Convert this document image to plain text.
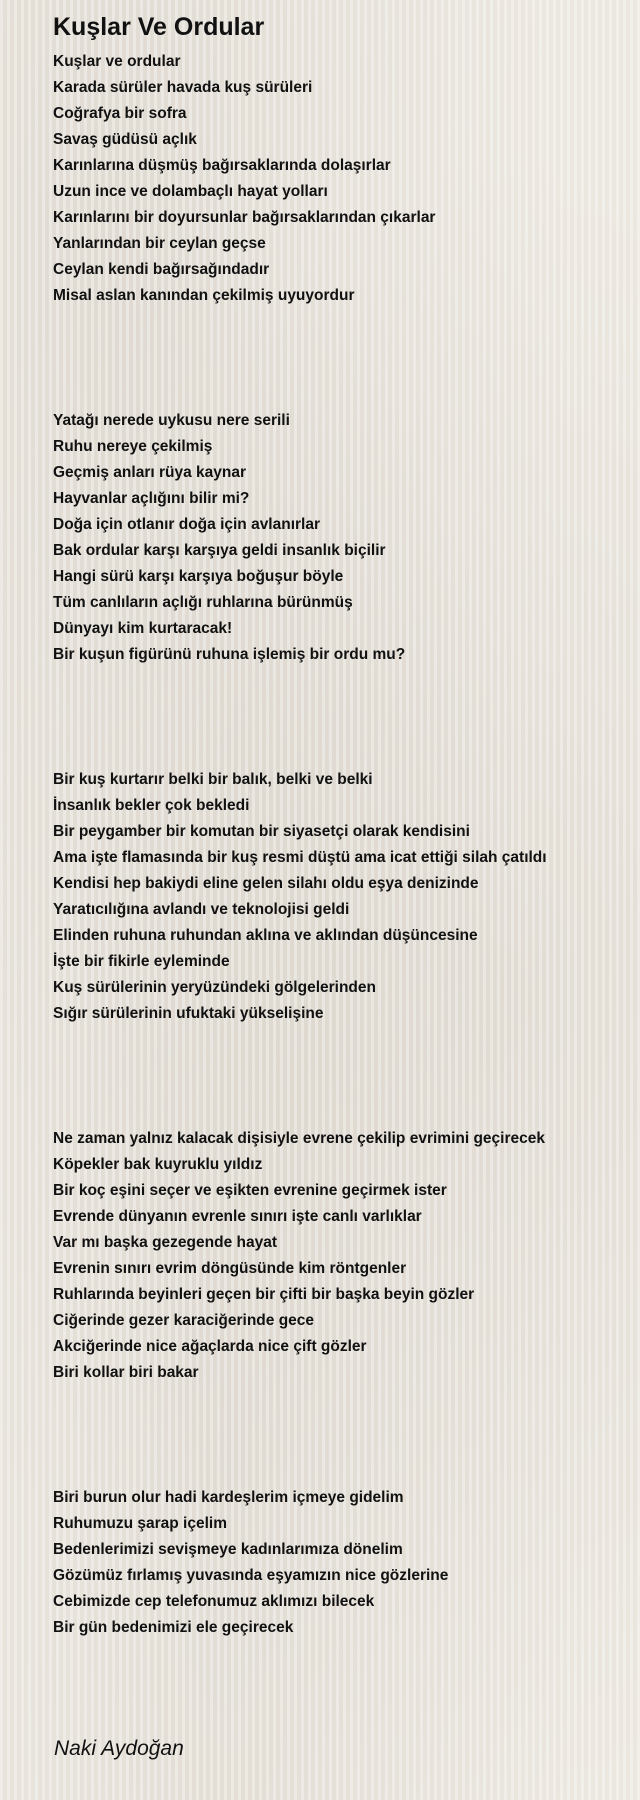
Kuşlar Ve Ordular
Kuşlar ve ordular
Karada sürüler havada kuş sürüleri
Coğrafya bir sofra
Savaş güdüsü açlık
Karınlarına düşmüş bağırsaklarında dolaşırlar
Uzun ince ve dolambaçlı hayat yolları
Karınlarını bir doyursunlar bağırsaklarından çıkarlar
Yanlarından bir ceylan geçse
Ceylan kendi bağırsağındadır
Misal aslan kanından çekilmiş uyuyordur
Yatağı nerede uykusu nere serili
Ruhu nereye çekilmiş
Geçmiş anları rüya kaynar
Hayvanlar açlığını bilir mi?
Doğa için otlanır doğa için avlanırlar
Bak ordular karşı karşıya geldi insanlık biçilir
Hangi sürü karşı karşıya boğuşur böyle
Tüm canlıların açlığı ruhlarına bürünmüş
Dünyayı kim kurtaracak!
Bir kuşun figürünü ruhuna işlemiş bir ordu mu?
Bir kuş kurtarır belki bir balık, belki ve belki
İnsanlık bekler çok bekledi
Bir peygamber bir komutan bir siyasetçi olarak kendisini
Ama işte flamasında bir kuş resmi düştü ama icat ettiği silah çatıldı
Kendisi hep bakiydi eline gelen silahı oldu eşya denizinde
Yaratıcılığına avlandı ve teknolojisi geldi
Elinden ruhuna ruhundan aklına ve aklından düşüncesine
İşte bir fikirle eyleminde
Kuş sürülerinin yeryüzündeki gölgelerinden
Sığır sürülerinin ufuktaki yükselişine
Ne zaman yalnız kalacak dişisiyle evrene çekilip evrimini geçirecek
Köpekler bak kuyruklu yıldız
Bir koç eşini seçer ve eşikten evrenine geçirmek ister
Evrende dünyanın evrenle sınırı işte canlı varlıklar
Var mı başka gezegende hayat
Evrenin sınırı evrim döngüsünde kim röntgenler
Ruhlarında beyinleri geçen bir çifti bir başka beyin gözler
Ciğerinde gezer karaciğerinde gece
Akciğerinde nice ağaçlarda nice çift gözler
Biri kollar biri bakar
Biri burun olur hadi kardeşlerim içmeye gidelim
Ruhumuzu şarap içelim
Bedenlerimizi sevişmeye kadınlarımıza dönelim
Gözümüz fırlamış yuvasında eşyamızın nice gözlerine
Cebimizde cep telefonumuz aklımızı bilecek
Bir gün bedenimizi ele geçirecek
Naki Aydoğan
